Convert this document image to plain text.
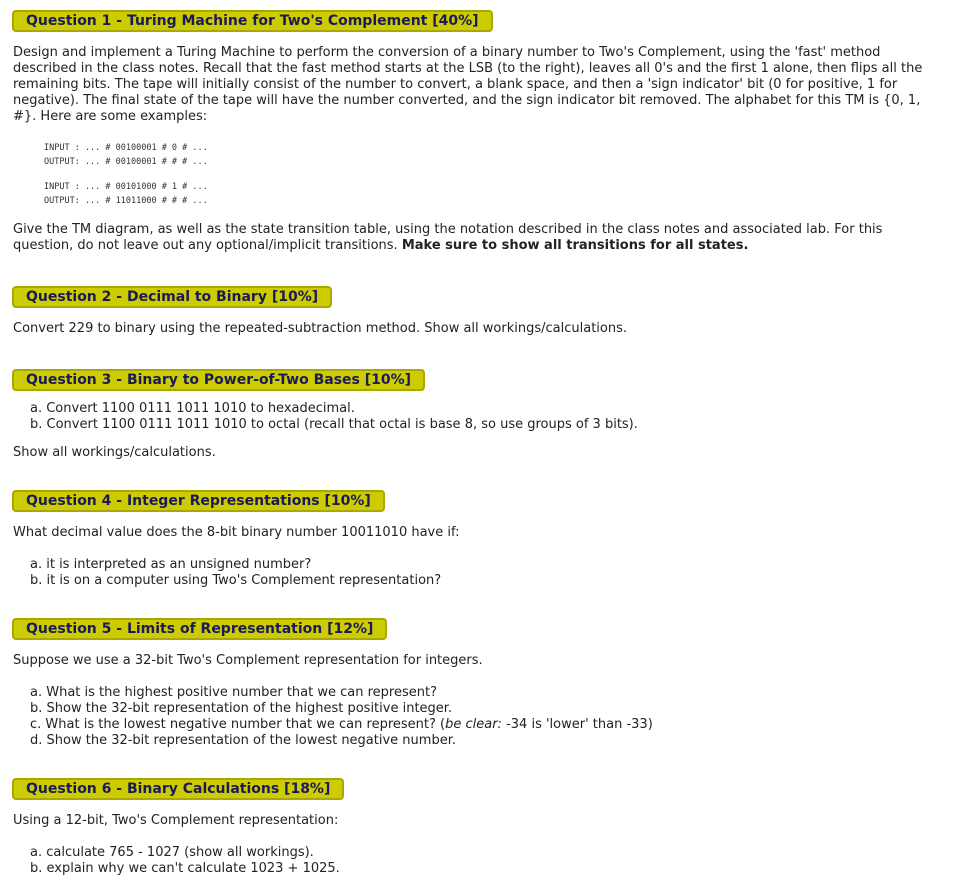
Question 1 - Turing Machine for Two's Complement [40%]
Design and implement a Turing Machine to perform the conversion of a binary number to Two's Complement, using the 'fast' method described in the class notes. Recall that the fast method starts at the LSB (to the right), leaves all 0's and the first 1 alone, then flips all the remaining bits. The tape will initially consist of the number to convert, a blank space, and then a 'sign indicator' bit (0 for positive, 1 for negative). The final state of the tape will have the number converted, and the sign indicator bit removed. The alphabet for this TM is {0, 1, #}. Here are some examples:
INPUT : ... # 00100001 # 0 # ...
OUTPUT: ... # 00100001 # # # ...
INPUT : ... # 00101000 # 1 # ...
OUTPUT: ... # 11011000 # # # ...
Give the TM diagram, as well as the state transition table, using the notation described in the class notes and associated lab. For this question, do not leave out any optional/implicit transitions. Make sure to show all transitions for all states.
Question 2 - Decimal to Binary [10%]
Convert 229 to binary using the repeated-subtraction method. Show all workings/calculations.
Question 3 - Binary to Power-of-Two Bases [10%]
a. Convert 1100 0111 1011 1010 to hexadecimal.
b. Convert 1100 0111 1011 1010 to octal (recall that octal is base 8, so use groups of 3 bits).
Show all workings/calculations.
Question 4 - Integer Representations [10%]
What decimal value does the 8-bit binary number 10011010 have if:
a. it is interpreted as an unsigned number?
b. it is on a computer using Two's Complement representation?
Question 5 - Limits of Representation [12%]
Suppose we use a 32-bit Two's Complement representation for integers.
a. What is the highest positive number that we can represent?
b. Show the 32-bit representation of the highest positive integer.
c. What is the lowest negative number that we can represent? (be clear: -34 is 'lower' than -33)
d. Show the 32-bit representation of the lowest negative number.
Question 6 - Binary Calculations [18%]
Using a 12-bit, Two's Complement representation:
a. calculate 765 - 1027 (show all workings).
b. explain why we can't calculate 1023 + 1025.
